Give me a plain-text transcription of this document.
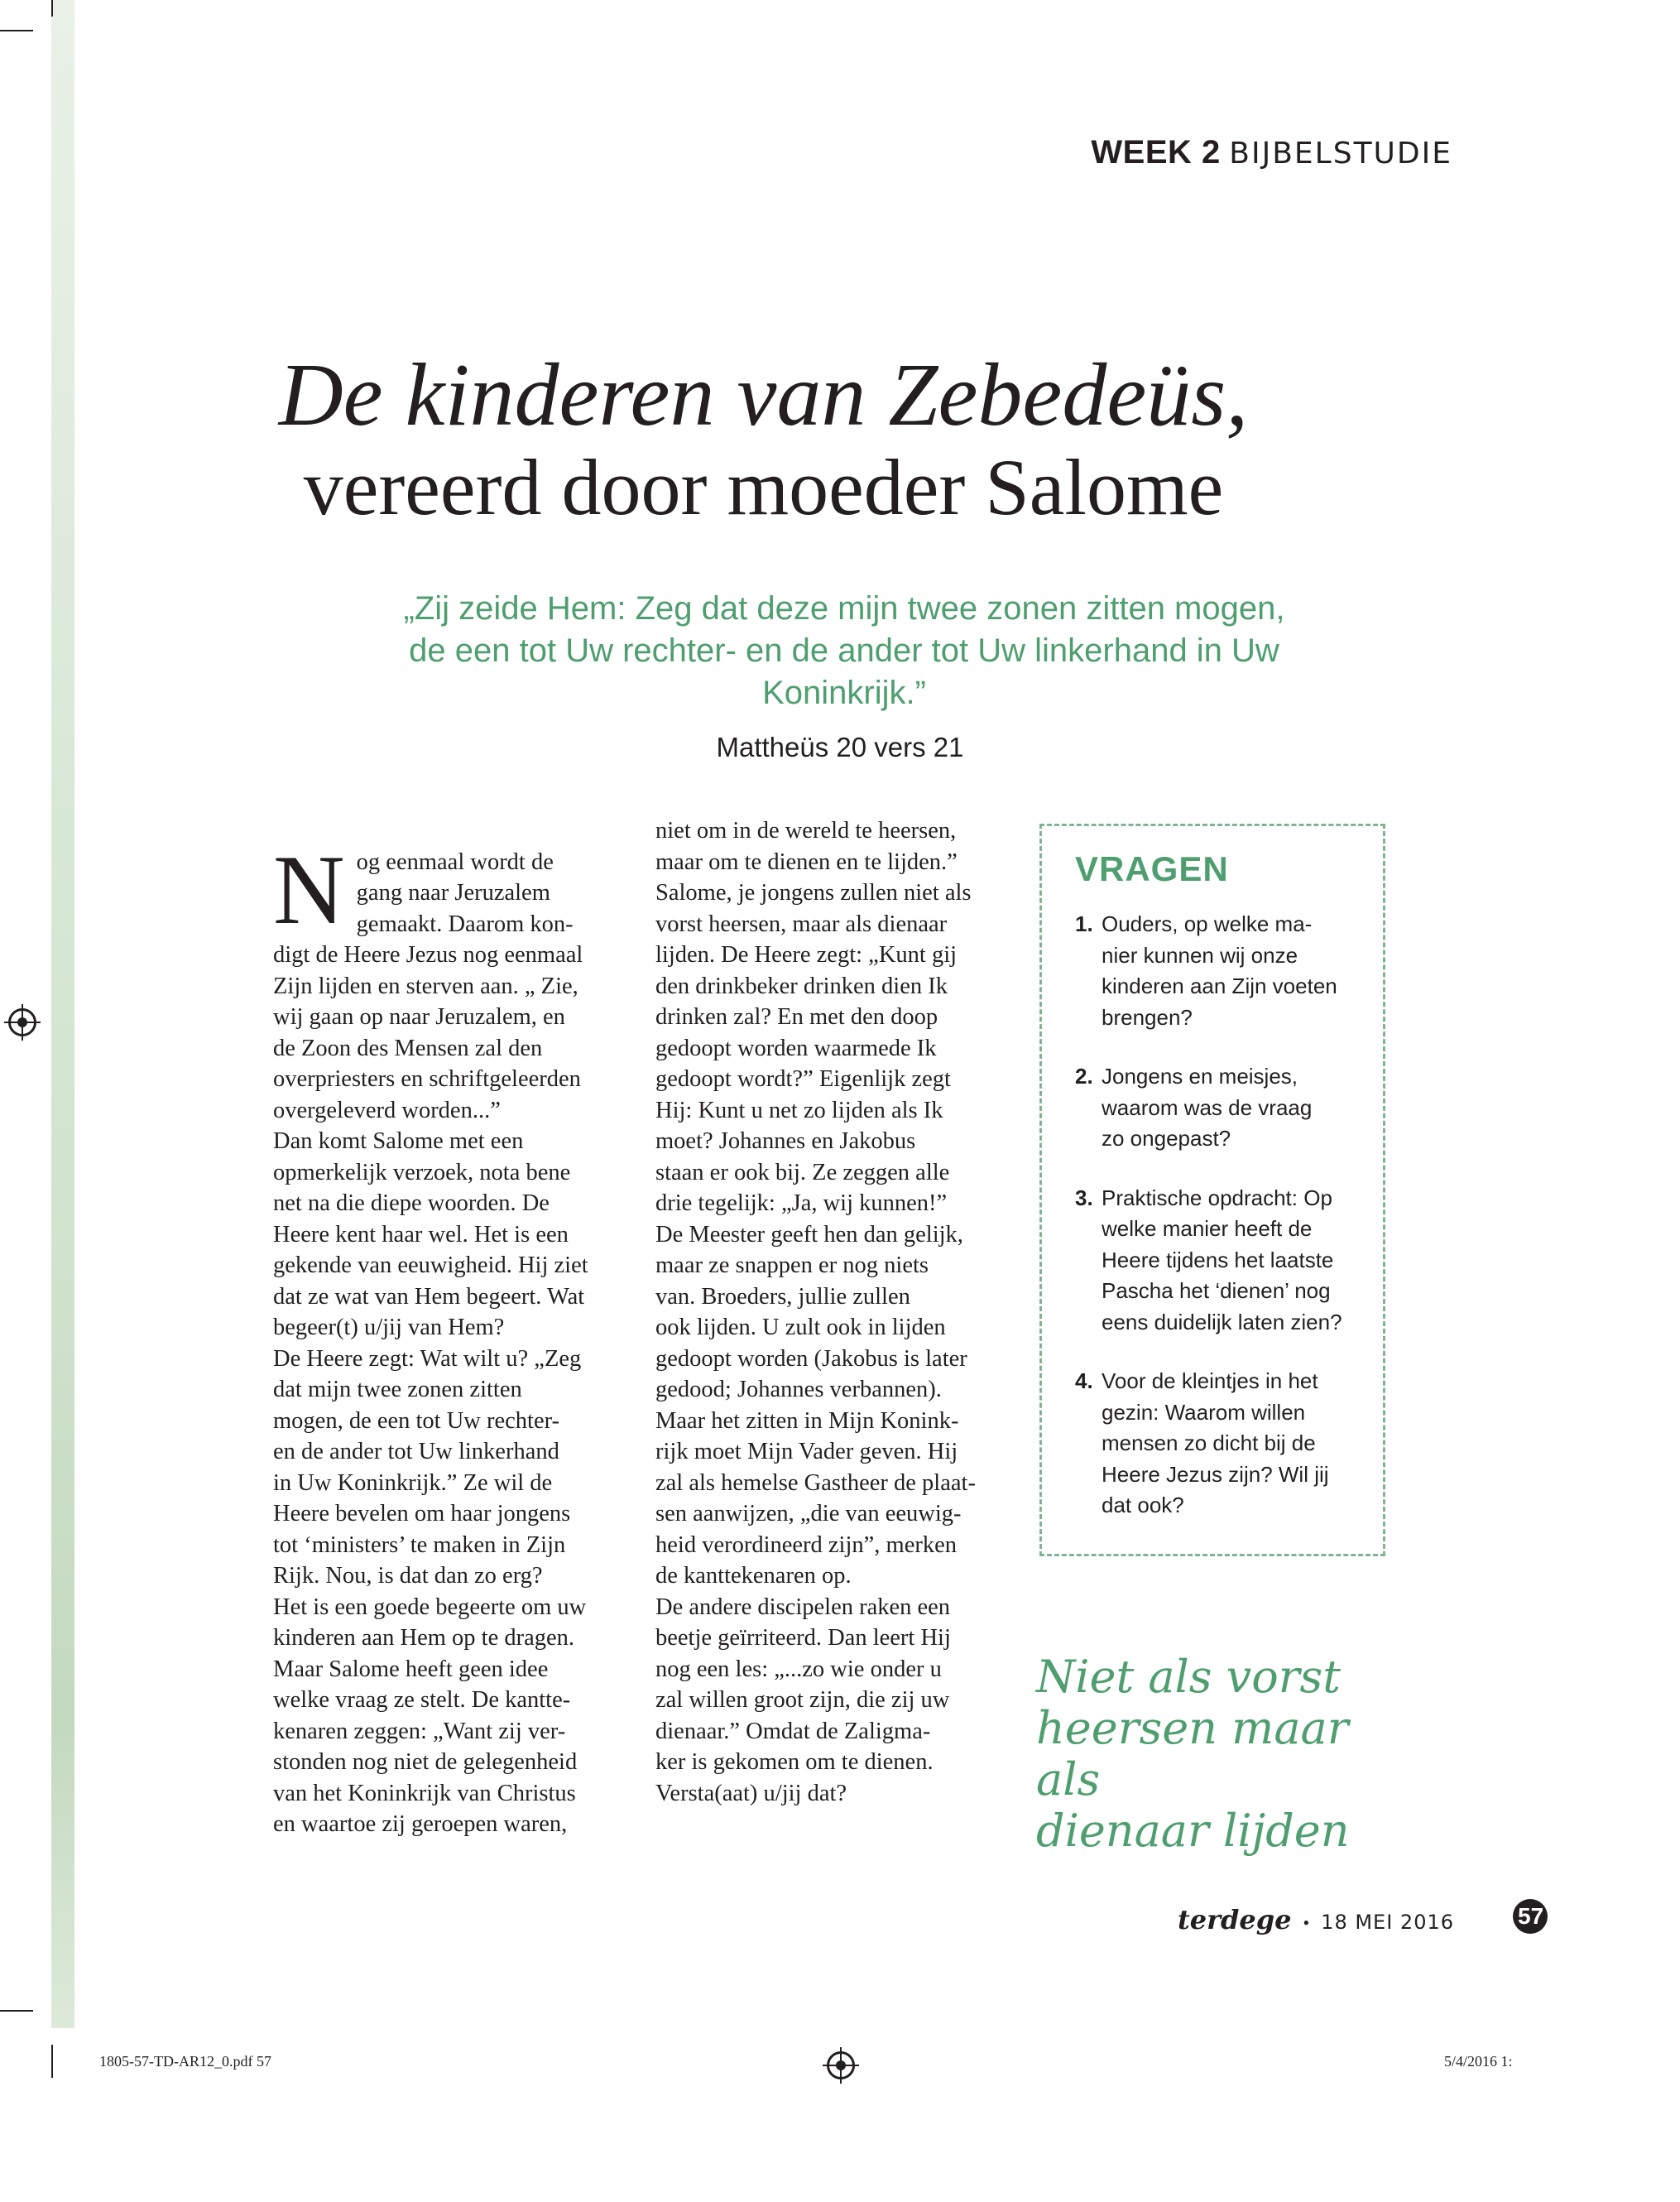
WEEK 2 BIJBELSTUDIE
De kinderen van Zebedeüs,
vereerd door moeder Salome
„Zij zeide Hem: Zeg dat deze mijn twee zonen zitten mogen, de een tot Uw rechter- en de ander tot Uw linkerhand in Uw Koninkrijk.”
Mattheüs 20 vers 21

Nog eenmaal wordt de
gang naar Jeruzalem
gemaakt. Daarom kon-
digt de Heere Jezus nog eenmaal
Zijn lijden en sterven aan. „ Zie,
wij gaan op naar Jeruzalem, en
de Zoon des Mensen zal den
overpriesters en schriftgeleerden
overgeleverd worden...”
Dan komt Salome met een
opmerkelijk verzoek, nota bene
net na die diepe woorden. De
Heere kent haar wel. Het is een
gekende van eeuwigheid. Hij ziet
dat ze wat van Hem begeert. Wat
begeer(t) u/jij van Hem?
De Heere zegt: Wat wilt u? „Zeg
dat mijn twee zonen zitten
mogen, de een tot Uw rechter-
en de ander tot Uw linkerhand
in Uw Koninkrijk.” Ze wil de
Heere bevelen om haar jongens
tot ‘ministers’ te maken in Zijn
Rijk. Nou, is dat dan zo erg?
Het is een goede begeerte om uw
kinderen aan Hem op te dragen.
Maar Salome heeft geen idee
welke vraag ze stelt. De kantte-
kenaren zeggen: „Want zij ver-
stonden nog niet de gelegenheid
van het Koninkrijk van Christus
en waartoe zij geroepen waren,

niet om in de wereld te heersen,
maar om te dienen en te lijden.”
Salome, je jongens zullen niet als
vorst heersen, maar als dienaar
lijden. De Heere zegt: „Kunt gij
den drinkbeker drinken dien Ik
drinken zal? En met den doop
gedoopt worden waarmede Ik
gedoopt wordt?” Eigenlijk zegt
Hij: Kunt u net zo lijden als Ik
moet? Johannes en Jakobus
staan er ook bij. Ze zeggen alle
drie tegelijk: „Ja, wij kunnen!”
De Meester geeft hen dan gelijk,
maar ze snappen er nog niets
van. Broeders, jullie zullen
ook lijden. U zult ook in lijden
gedoopt worden (Jakobus is later
gedood; Johannes verbannen).
Maar het zitten in Mijn Konink-
rijk moet Mijn Vader geven. Hij
zal als hemelse Gastheer de plaat-
sen aanwijzen, „die van eeuwig-
heid verordineerd zijn”, merken
de kanttekenaren op.
De andere discipelen raken een
beetje geïrriteerd. Dan leert Hij
nog een les: „...zo wie onder u
zal willen groot zijn, die zij uw
dienaar.” Omdat de Zaligma-
ker is gekomen om te dienen.
Versta(aat) u/jij dat?
VRAGEN
1. Ouders, op welke ma-
nier kunnen wij onze
kinderen aan Zijn voeten
brengen?
2. Jongens en meisjes,
waarom was de vraag
zo ongepast?
3. Praktische opdracht: Op
welke manier heeft de
Heere tijdens het laatste
Pascha het ‘dienen’ nog
eens duidelijk laten zien?
4. Voor de kleintjes in het
gezin: Waarom willen
mensen zo dicht bij de
Heere Jezus zijn? Wil jij
dat ook?
Niet als vorst
heersen maar als
dienaar lijden
terdege • 18 MEI 2016	57
1805-57-TD-AR12_0.pdf 57	5/4/2016 1:
